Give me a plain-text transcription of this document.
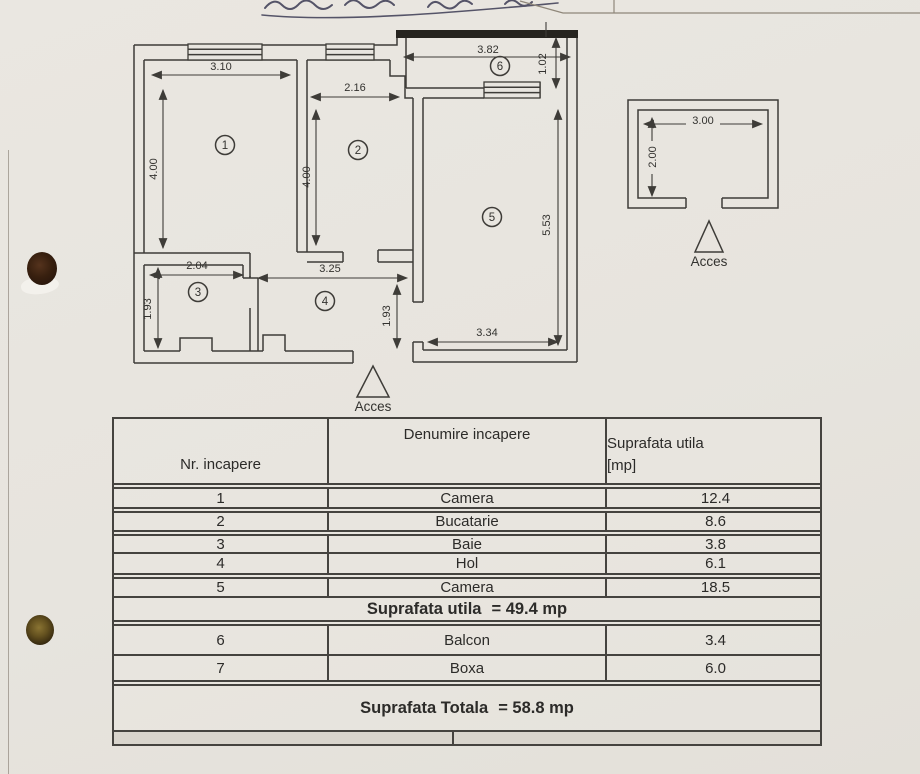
3.10
4.00
2.16
4.00
3.82
1.02
5.53
3.34
2.04
1.93
3.25
1.93
1	2
3
4
5
6
Acces
3.00
2.00
Acces
Nr. incapere
Denumire incapere
Suprafata utila
[mp]
1	Camera	12.4
2	Bucatarie	8.6
3	Baie	3.8
4	Hol	6.1
5	Camera	18.5
Suprafata utila = 49.4 mp
6	Balcon	3.4
7	Boxa	6.0
Suprafata Totala = 58.8 mp
